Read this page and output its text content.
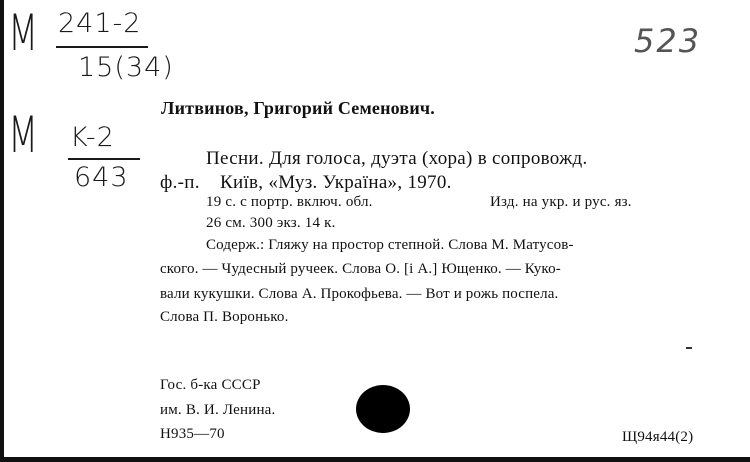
M 241-2
15(34)
M K-2
643
523
Литвинов, Григорий Семенович.
Песни. Для голоса, дуэта (хора) в сопровожд.
ф.-п.    Київ, «Муз. Україна», 1970.
19 с. с портр. включ. обл.	Изд. на укр. и рус. яз.
26 см. 300 экз. 14 к.
Содерж.: Гляжу на простор степной. Слова М. Матусов-
ского. — Чудесный ручеек. Слова О. [і А.] Ющенко. — Куко-
вали кукушки. Слова А. Прокофьева. — Вот и рожь поспела.
Слова П. Воронько.
Гос. б-ка СССР
им. В. И. Ленина.
Н935—70	Щ94я44(2)
